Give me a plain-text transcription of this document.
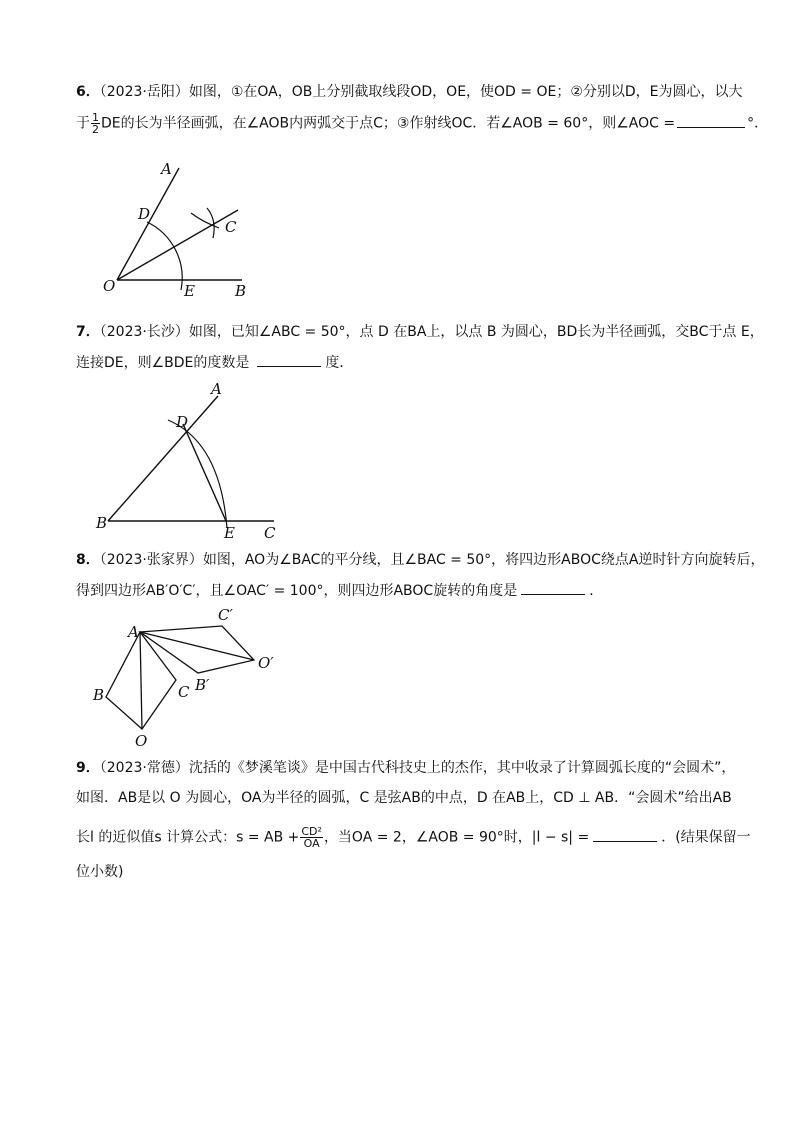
6．（2023·岳阳）如图，①在OA，OB上分别截取线段OD，OE，使OD = OE；②分别以D，E为圆心，以大
于 $\frac{1}{2}$ DE的长为半径画弧，在∠AOB内两弧交于点C；③作射线OC．若∠AOB = 60°，则∠AOC =	°．
A
D
C
O	E	B
7．（2023·长沙）如图，已知∠ABC = 50°，点 D 在BA上，以点 B 为圆心，BD长为半径画弧，交BC于点 E，
连接DE，则∠BDE的度数是	度．
A
D
B
E C
8．（2023·张家界）如图，AO为∠BAC的平分线，且∠BAC = 50°，将四边形ABOC绕点A逆时针方向旋转后，
得到四边形AB′O′C′，且∠OAC′ = 100°，则四边形ABOC旋转的角度是	．
A
C′
O′
B′
B	C
O
9．（2023·常德）沈括的《梦溪笔谈》是中国古代科技史上的杰作，其中收录了计算圆弧长度的“会圆术”，
如图．AB是以 O 为圆心，OA为半径的圆弧，C 是弦AB的中点，D 在AB上，CD ⊥ AB．“会圆术”给出AB
长l 的近似值s 计算公式：s = AB + $\frac{\text{CD²}}{OA}$ ，当OA = 2，∠AOB = 90°时，|l − s| =	．(结果保留一
位小数)
